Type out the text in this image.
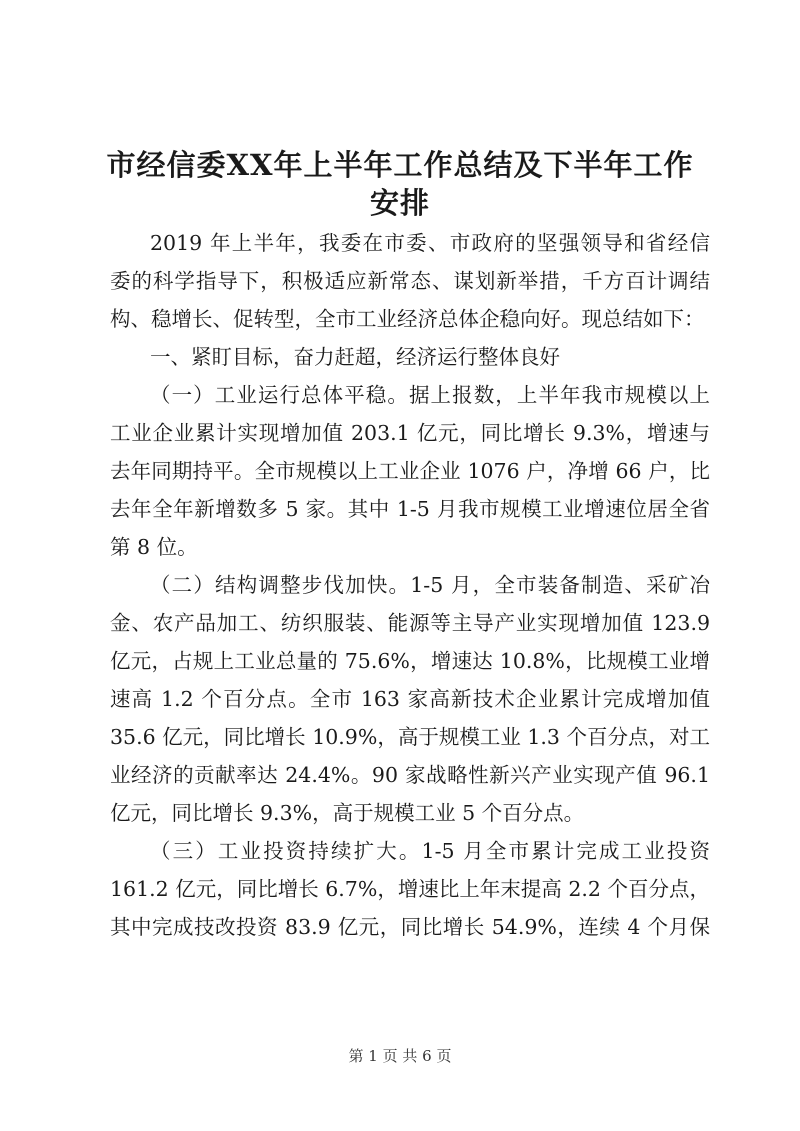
市经信委XX年上半年工作总结及下半年工作
安排
2019 年上半年，我委在市委、市政府的坚强领导和省经信
委的科学指导下，积极适应新常态、谋划新举措，千方百计调结
构、稳增长、促转型，全市工业经济总体企稳向好。现总结如下：
一、紧盯目标，奋力赶超，经济运行整体良好
（一）工业运行总体平稳。据上报数，上半年我市规模以上
工业企业累计实现增加值 203.1 亿元，同比增长 9.3%，增速与
去年同期持平。全市规模以上工业企业 1076 户，净增 66 户，比
去年全年新增数多 5 家。其中 1-5 月我市规模工业增速位居全省
第 8 位。
（二）结构调整步伐加快。1-5 月，全市装备制造、采矿冶
金、农产品加工、纺织服装、能源等主导产业实现增加值 123.9
亿元，占规上工业总量的 75.6%，增速达 10.8%，比规模工业增
速高 1.2 个百分点。全市 163 家高新技术企业累计完成增加值
35.6 亿元，同比增长 10.9%，高于规模工业 1.3 个百分点，对工
业经济的贡献率达 24.4%。90 家战略性新兴产业实现产值 96.1
亿元，同比增长 9.3%，高于规模工业 5 个百分点。
（三）工业投资持续扩大。1-5 月全市累计完成工业投资
161.2 亿元，同比增长 6.7%，增速比上年末提高 2.2 个百分点，
其中完成技改投资 83.9 亿元，同比增长 54.9%，连续 4 个月保
第 1 页 共 6 页
